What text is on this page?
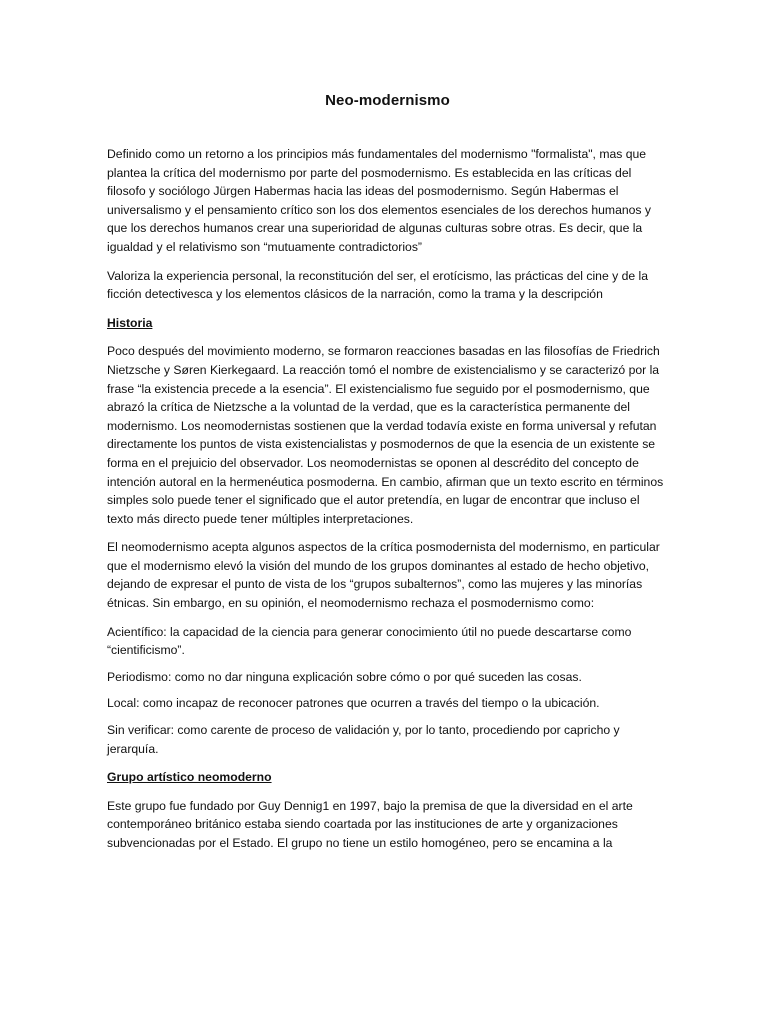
Neo-modernismo

Definido como un retorno a los principios más fundamentales del modernismo "formalista", mas que plantea la crítica del modernismo por parte del posmodernismo. Es establecida en las críticas del filosofo y sociólogo Jürgen Habermas hacia las ideas del posmodernismo. Según Habermas el universalismo y el pensamiento crítico son los dos elementos esenciales de los derechos humanos y que los derechos humanos crear una superioridad de algunas culturas sobre otras. Es decir, que la igualdad y el relativismo son “mutuamente contradictorios”

Valoriza la experiencia personal, la reconstitución del ser, el erotícismo, las prácticas del cine y de la ficción detectivesca y los elementos clásicos de la narración, como la trama y la descripción

Historia

Poco después del movimiento moderno, se formaron reacciones basadas en las filosofías de Friedrich Nietzsche y Søren Kierkegaard. La reacción tomó el nombre de existencialismo y se caracterizó por la frase “la existencia precede a la esencia”. El existencialismo fue seguido por el posmodernismo, que abrazó la crítica de Nietzsche a la voluntad de la verdad, que es la característica permanente del modernismo. Los neomodernistas sostienen que la verdad todavía existe en forma universal y refutan directamente los puntos de vista existencialistas y posmodernos de que la esencia de un existente se forma en el prejuicio del observador. Los neomodernistas se oponen al descrédito del concepto de intención autoral en la hermenéutica posmoderna. En cambio, afirman que un texto escrito en términos simples solo puede tener el significado que el autor pretendía, en lugar de encontrar que incluso el texto más directo puede tener múltiples interpretaciones.

El neomodernismo acepta algunos aspectos de la crítica posmodernista del modernismo, en particular que el modernismo elevó la visión del mundo de los grupos dominantes al estado de hecho objetivo, dejando de expresar el punto de vista de los “grupos subalternos”, como las mujeres y las minorías étnicas. Sin embargo, en su opinión, el neomodernismo rechaza el posmodernismo como:

Acientífico: la capacidad de la ciencia para generar conocimiento útil no puede descartarse como “cientificismo”.

Periodismo: como no dar ninguna explicación sobre cómo o por qué suceden las cosas.

Local: como incapaz de reconocer patrones que ocurren a través del tiempo o la ubicación.

Sin verificar: como carente de proceso de validación y, por lo tanto, procediendo por capricho y jerarquía.

Grupo artístico neomoderno

Este grupo fue fundado por Guy Dennig1 en 1997, bajo la premisa de que la diversidad en el arte contemporáneo británico estaba siendo coartada por las instituciones de arte y organizaciones subvencionadas por el Estado. El grupo no tiene un estilo homogéneo, pero se encamina a la
